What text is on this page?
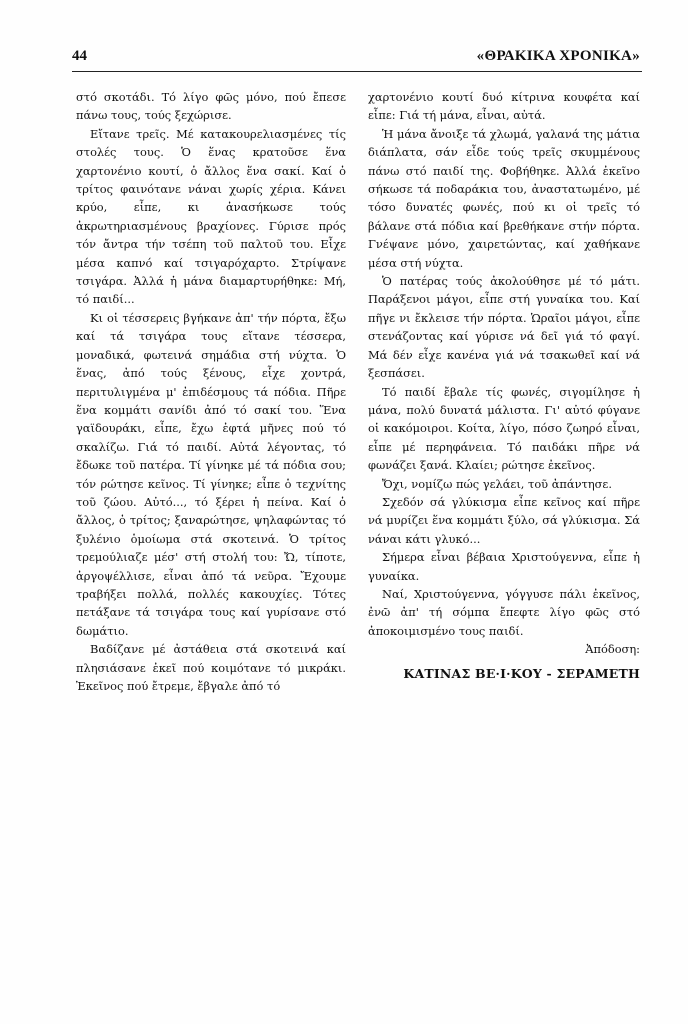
44	«ΘΡΑΚΙΚΑ ΧΡΟΝΙΚΑ»

στό σκοτάδι. Τό λίγο φῶς μόνο, πού ἔπεσε πάνω τους, τούς ξεχώρισε.

Εἴτανε τρεῖς. Μέ κατακουρελιασμένες τίς στολές τους. Ὁ ἕνας κρατοῦσε ἕνα χαρτονένιο κουτί, ὁ ἄλλος ἕνα σακί. Καί ὁ τρίτος φαινότανε νάναι χωρίς χέρια. Κάνει κρύο, εἶπε, κι ἀνασήκωσε τούς ἀκρωτηριασμένους βραχίονες. Γύρισε πρός τόν ἄντρα τήν τσέπη τοῦ παλτοῦ του. Εἶχε μέσα καπνό καί τσιγαρόχαρτο. Στρίψανε τσιγάρα. Ἀλλά ἡ μάνα διαμαρτυρήθηκε: Μή, τό παιδί...

Κι οἱ τέσσερεις βγήκανε ἀπ' τήν πόρτα, ἔξω καί τά τσιγάρα τους εἴτανε τέσσερα, μοναδικά, φωτεινά σημάδια στή νύχτα. Ὁ ἕνας, ἀπό τούς ξένους, εἶχε χοντρά, περιτυλιγμένα μ' ἐπιδέσμους τά πόδια. Πῆρε ἕνα κομμάτι σανίδι ἀπό τό σακί του. Ἕνα γαϊδουράκι, εἶπε, ἔχω ἐφτά μῆνες πού τό σκαλίζω. Γιά τό παιδί. Αὐτά λέγοντας, τό ἔδωκε τοῦ πατέρα. Τί γίνηκε μέ τά πόδια σου; τόν ρώτησε κεῖνος. Τί γίνηκε; εἶπε ὁ τεχνίτης τοῦ ζώου. Αὐτό..., τό ξέρει ἡ πείνα. Καί ὁ ἄλλος, ὁ τρίτος; ξαναρώτησε, ψηλαφώντας τό ξυλένιο ὁμοίωμα στά σκοτεινά. Ὁ τρίτος τρεμούλιαζε μέσ' στή στολή του: Ὤ, τίποτε, ἀργοψέλλισε, εἶναι ἀπό τά νεῦρα. Ἔχουμε τραβήξει πολλά, πολλές κακουχίες. Τότες πετάξανε τά τσιγάρα τους καί γυρίσανε στό δωμάτιο.

Βαδίζανε μέ ἀστάθεια στά σκοτεινά καί πλησιάσανε ἐκεῖ πού κοιμότανε τό μικράκι. Ἐκεῖνος πού ἔτρεμε, ἔβγαλε ἀπό τό

χαρτονένιο κουτί δυό κίτρινα κουφέτα καί εἶπε: Γιά τή μάνα, εἶναι, αὐτά.

Ἡ μάνα ἄνοιξε τά χλωμά, γαλανά της μάτια διάπλατα, σάν εἶδε τούς τρεῖς σκυμμένους πάνω στό παιδί της. Φοβήθηκε. Ἀλλά ἐκεῖνο σήκωσε τά ποδαράκια του, ἀναστατωμένο, μέ τόσο δυνατές φωνές, πού κι οἱ τρεῖς τό βάλανε στά πόδια καί βρεθήκανε στήν πόρτα. Γνέψανε μόνο, χαιρετώντας, καί χαθήκανε μέσα στή νύχτα.

Ὁ πατέρας τούς ἀκολούθησε μέ τό μάτι. Παράξενοι μάγοι, εἶπε στή γυναίκα του. Καί πῆγε νι ἔκλεισε τήν πόρτα. Ὡραῖοι μάγοι, εἶπε στενάζοντας καί γύρισε νά δεῖ γιά τό φαγί. Μά δέν εἶχε κανένα γιά νά τσακωθεῖ καί νά ξεσπάσει.

Τό παιδί ἔβαλε τίς φωνές, σιγομίλησε ἡ μάνα, πολύ δυνατά μάλιστα. Γι' αὐτό φύγανε οἱ κακόμοιροι. Κοίτα, λίγο, πόσο ζωηρό εἶναι, εἶπε μέ περηφάνεια. Τό παιδάκι πῆρε νά φωνάζει ξανά. Κλαίει; ρώτησε ἐκεῖνος.

Ὄχι, νομίζω πώς γελάει, τοῦ ἀπάντησε.

Σχεδόν σά γλύκισμα εἶπε κεῖνος καί πῆρε νά μυρίζει ἕνα κομμάτι ξύλο, σά γλύκισμα. Σά νάναι κάτι γλυκό...

Σήμερα εἶναι βέβαια Χριστούγεννα, εἶπε ἡ γυναίκα.

Ναί, Χριστούγεννα, γόγγυσε πάλι ἐκεῖνος, ἐνῶ ἀπ' τή σόμπα ἔπεφτε λίγο φῶς στό ἀποκοιμισμένο τους παιδί.

Ἀπόδοση:

ΚΑΤΙΝΑΣ ΒΕ·Ι·ΚΟΥ - ΣΕΡΑΜΕΤΗ
